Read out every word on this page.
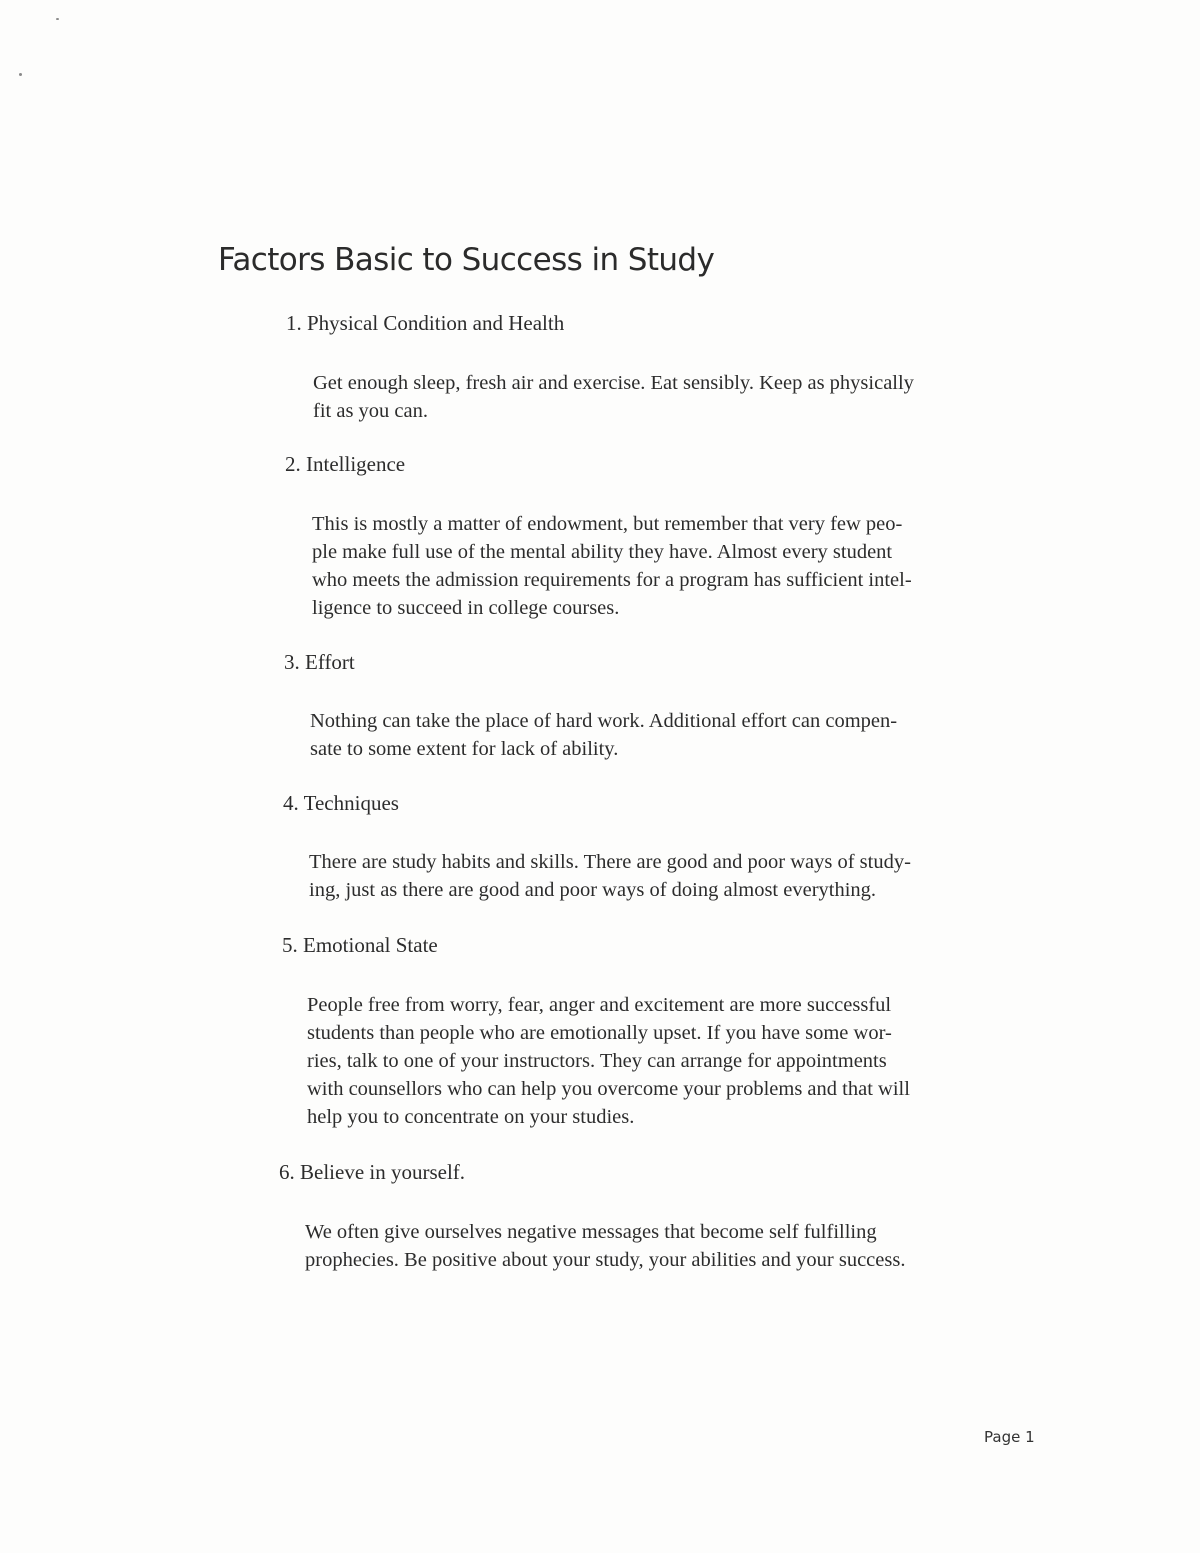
Factors Basic to Success in Study

1. Physical Condition and Health

Get enough sleep, fresh air and exercise. Eat sensibly. Keep as physically
fit as you can.

2. Intelligence

This is mostly a matter of endowment, but remember that very few peo-
ple make full use of the mental ability they have. Almost every student
who meets the admission requirements for a program has sufficient intel-
ligence to succeed in college courses.

3. Effort

Nothing can take the place of hard work. Additional effort can compen-
sate to some extent for lack of ability.

4. Techniques

There are study habits and skills. There are good and poor ways of study-
ing, just as there are good and poor ways of doing almost everything.

5. Emotional State

People free from worry, fear, anger and excitement are more successful
students than people who are emotionally upset. If you have some wor-
ries, talk to one of your instructors. They can arrange for appointments
with counsellors who can help you overcome your problems and that will
help you to concentrate on your studies.

6. Believe in yourself.

We often give ourselves negative messages that become self fulfilling
prophecies. Be positive about your study, your abilities and your success.

Page 1
